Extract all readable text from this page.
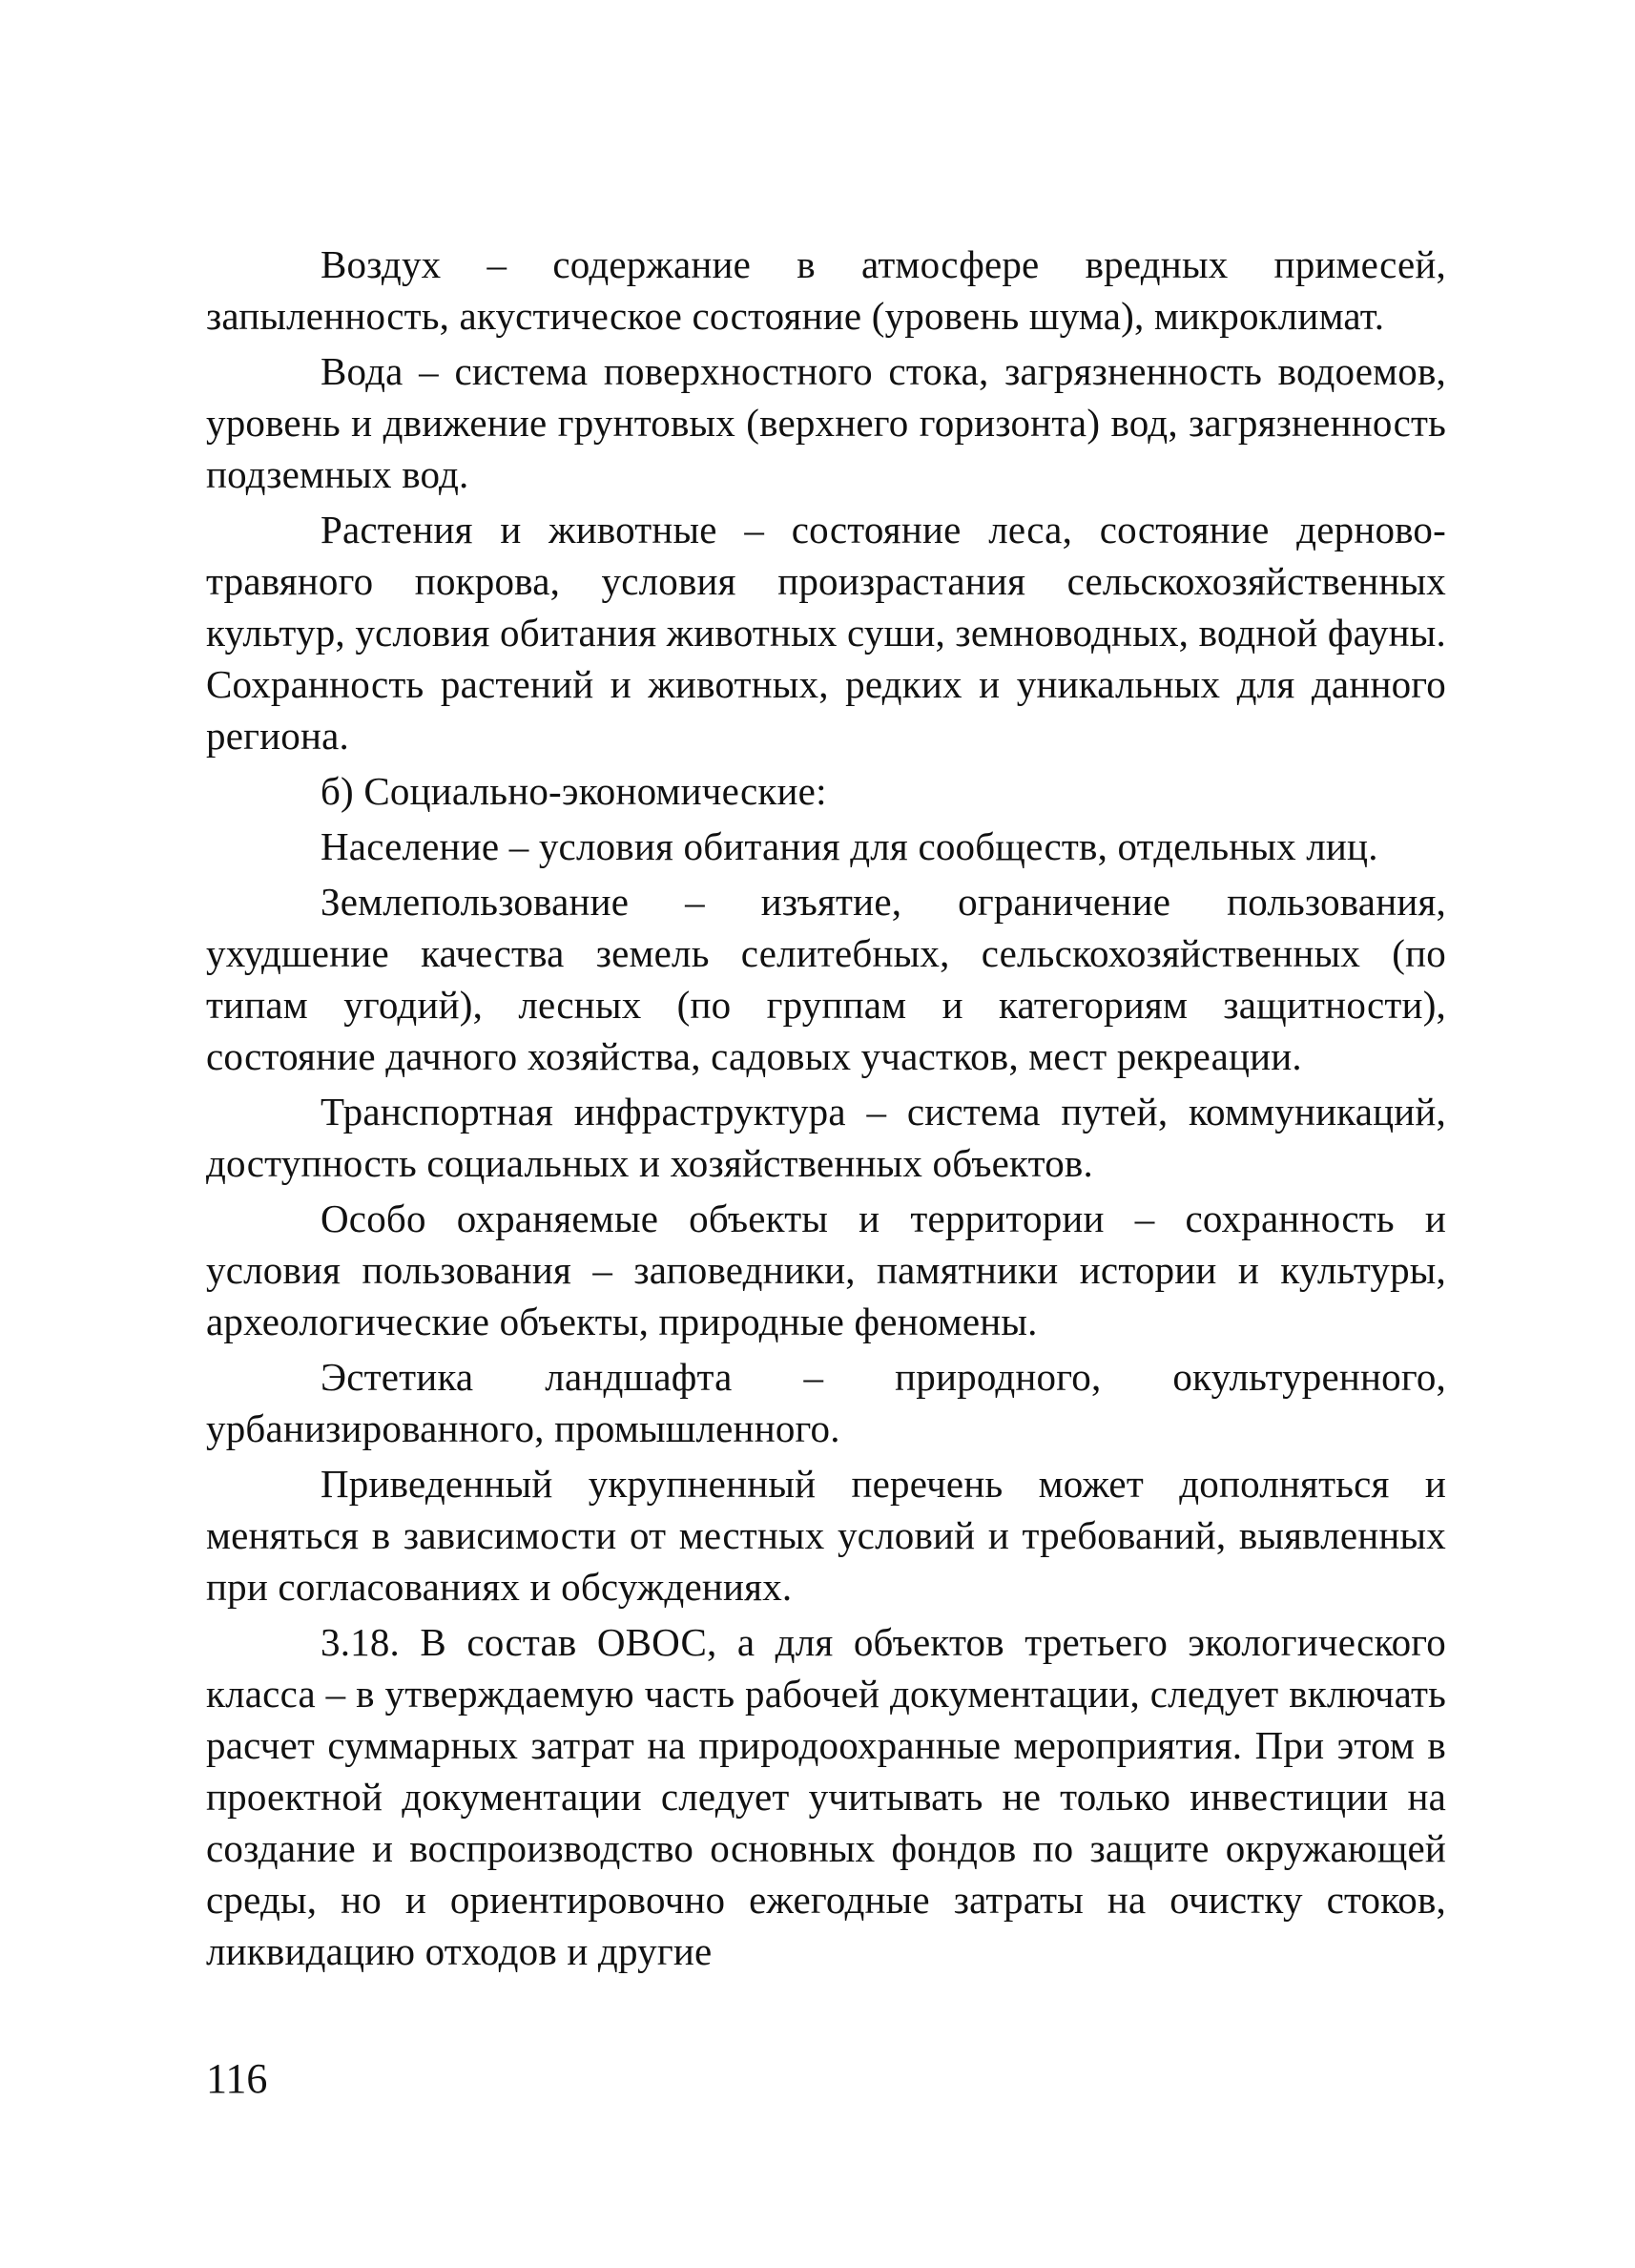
Воздух – содержание в атмосфере вредных примесей, запыленность, акустическое состояние (уровень шума), микроклимат.

Вода – система поверхностного стока, загрязненность водоемов, уровень и движение грунтовых (верхнего горизонта) вод, загрязненность подземных вод.

Растения и животные – состояние леса, состояние дерново-травяного покрова, условия произрастания сельскохозяйственных культур, условия обитания животных суши, земноводных, водной фауны. Сохранность растений и животных, редких и уникальных для данного региона.

б) Социально-экономические:

Население – условия обитания для сообществ, отдельных лиц.

Землепользование – изъятие, ограничение пользования, ухудшение качества земель селитебных, сельскохозяйственных (по типам угодий), лесных (по группам и категориям защитности), состояние дачного хозяйства, садовых участков, мест рекреации.

Транспортная инфраструктура – система путей, коммуникаций, доступность социальных и хозяйственных объектов.

Особо охраняемые объекты и территории – сохранность и условия пользования – заповедники, памятники истории и культуры, археологические объекты, природные феномены.

Эстетика ландшафта – природного, окультуренного, урбанизированного, промышленного.

Приведенный укрупненный перечень может дополняться и меняться в зависимости от местных условий и требований, выявленных при согласованиях и обсуждениях.

3.18. В состав ОВОС, а для объектов третьего экологического класса – в утверждаемую часть рабочей документации, следует включать расчет суммарных затрат на природоохранные мероприятия. При этом в проектной документации следует учитывать не только инвестиции на создание и воспроизводство основных фондов по защите окружающей среды, но и ориентировочно ежегодные затраты на очистку стоков, ликвидацию отходов и другие

116
